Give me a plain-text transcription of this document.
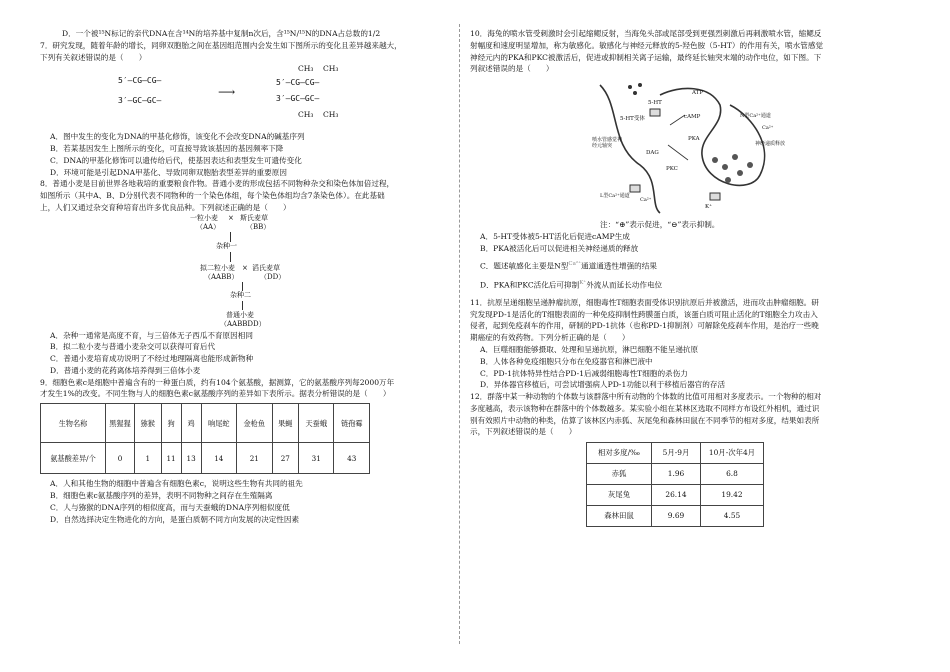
D．一个被¹⁵N标记的亲代DNA在含¹⁴N的培养基中复制n次后，含¹⁵N/¹⁵N的DNA占总数的1/2

7．研究发现，随着年龄的增长，同卵双胞胎之间在基因组范围内会发生如下图所示的变化且差异越来越大，

下列有关叙述错误的是（　　）

5′—CG—CG—
3′—GC—GC—
⟶
CH₃ CH₃
5′—CG—CG—
3′—GC—GC—
CH₃ CH₃

A．图中发生的变化为DNA的甲基化修饰，该变化不会改变DNA的碱基序列

B．若某基因发生上图所示的变化，可直接导致该基因的基因频率下降

C．DNA的甲基化修饰可以遗传给后代，使基因表达和表型发生可遗传变化

D．环境可能是引起DNA甲基化、导致同卵双胞胎表型差异的重要原因

8．普通小麦是目前世界各地栽培的重要粮食作物。普通小麦的形成包括不同物种杂交和染色体加倍过程，

如图所示（其中A、B、D分别代表不同物种的一个染色体组，每个染色体组均含7条染色体）。在此基础

上，人们又通过杂交育种培育出许多优良品种。下列叙述正确的是（　　）

一粒小麦 × 斯氏麦草
（AA）	（BB）
杂种一
拟二粒小麦 × 滔氏麦草
（AABB）	（DD）
杂种二
普通小麦
（AABBDD）

A．杂种一通常是高度不育，与三倍体无子西瓜不育原因相同

B．拟二粒小麦与普通小麦杂交可以获得可育后代

C．普通小麦培育成功说明了不经过地理隔离也能形成新物种

D．普通小麦的花药离体培养得到三倍体小麦

9．细胞色素c是细胞中普遍含有的一种蛋白质，约有104个氨基酸，据测算，它的氨基酸序列每2000万年

才发生1%的改变。不同生物与人的细胞色素c氨基酸序列的差异如下表所示。据表分析错误的是（　　）

生物名称	黑猩猩	猕猴	狗	鸡	响尾蛇	金枪鱼	果蝇	天蚕蛾	链孢霉
氨基酸差异/个	0	1	11	13	14	21	27	31	43

A．人和其他生物的细胞中普遍含有细胞色素c，说明这些生物有共同的祖先

B．细胞色素c氨基酸序列的差异，表明不同物种之间存在生殖隔离

C．人与猕猴的DNA序列的相似度高，而与天蚕蛾的DNA序列相似度低

D．自然选择决定生物进化的方向，是蛋白质朝不同方向发展的决定性因素

10．海兔的喷水管受刺激时会引起缩鳃反射，当海兔头部或尾部受到更强烈刺激后再刺激喷水管，缩鳃反

射幅度和速度明显增加，称为敏感化。敏感化与神经元释放的5-羟色胺（5-HT）的作用有关，喷水管感觉

神经元内的PKA和PKC被激活后，促进或抑制相关离子运输，最终延长轴突末端的动作电位，如下图。下

列叙述错误的是（　　）

ATP
cAMP
5-HT
5-HT受体
PKA
PKC
DAG
N型Ca²⁺通道
Ca²⁺
神经递质释放
L型Ca²⁺通道
K⁺
Ca²⁺
喷水管感觉神经元轴突

注：“⊕”表示促进，“⊖”表示抑制。

A．5-HT受体被5-HT活化后促进cAMP生成

B．PKA被活化后可以促进相关神经递质的释放

C．题述敏感化主要是N型$^{Ca^{2+}}$通道通透性增强的结果

D．PKA和PKC活化后可抑制$^{K^+}$外流从而延长动作电位

11．抗原呈递细胞呈递肿瘤抗原，细胞毒性T细胞表面受体识别抗原后并被激活，进而攻击肿瘤细胞。研

究发现PD-1是活化的T细胞表面的一种免疫抑制性跨膜蛋白质，该蛋白质可阻止活化的T细胞全力攻击入

侵者，起到免疫刹车的作用，研制的PD-1抗体（也称PD-1抑制剂）可解除免疫刹车作用，是治疗一些晚

期癌症的有效药物。下列分析正确的是（　　）

A．巨噬细胞能够摄取、处理和呈递抗原，淋巴细胞不能呈递抗原

B．人体各种免疫细胞只分布在免疫器官和淋巴液中

C．PD-1抗体特异性结合PD-1后减弱细胞毒性T细胞的杀伤力

D．异体器官移植后，可尝试增强病人PD-1功能以利于移植后器官的存活

12．群落中某一种动物的个体数与该群落中所有动物的个体数的比值可用相对多度表示。一个物种的相对

多度越高，表示该物种在群落中的个体数越多。某实验小组在某林区选取不同样方布设红外相机，通过识

别有效照片中动物的种类，估算了该林区内赤狐、灰尾兔和森林田鼠在不同季节的相对多度，结果如表所

示，下列叙述错误的是（　　）

相对多度/‰	5月-9月	10月-次年4月
赤狐	1.96	6.8
灰尾兔	26.14	19.42
森林田鼠	9.69	4.55
